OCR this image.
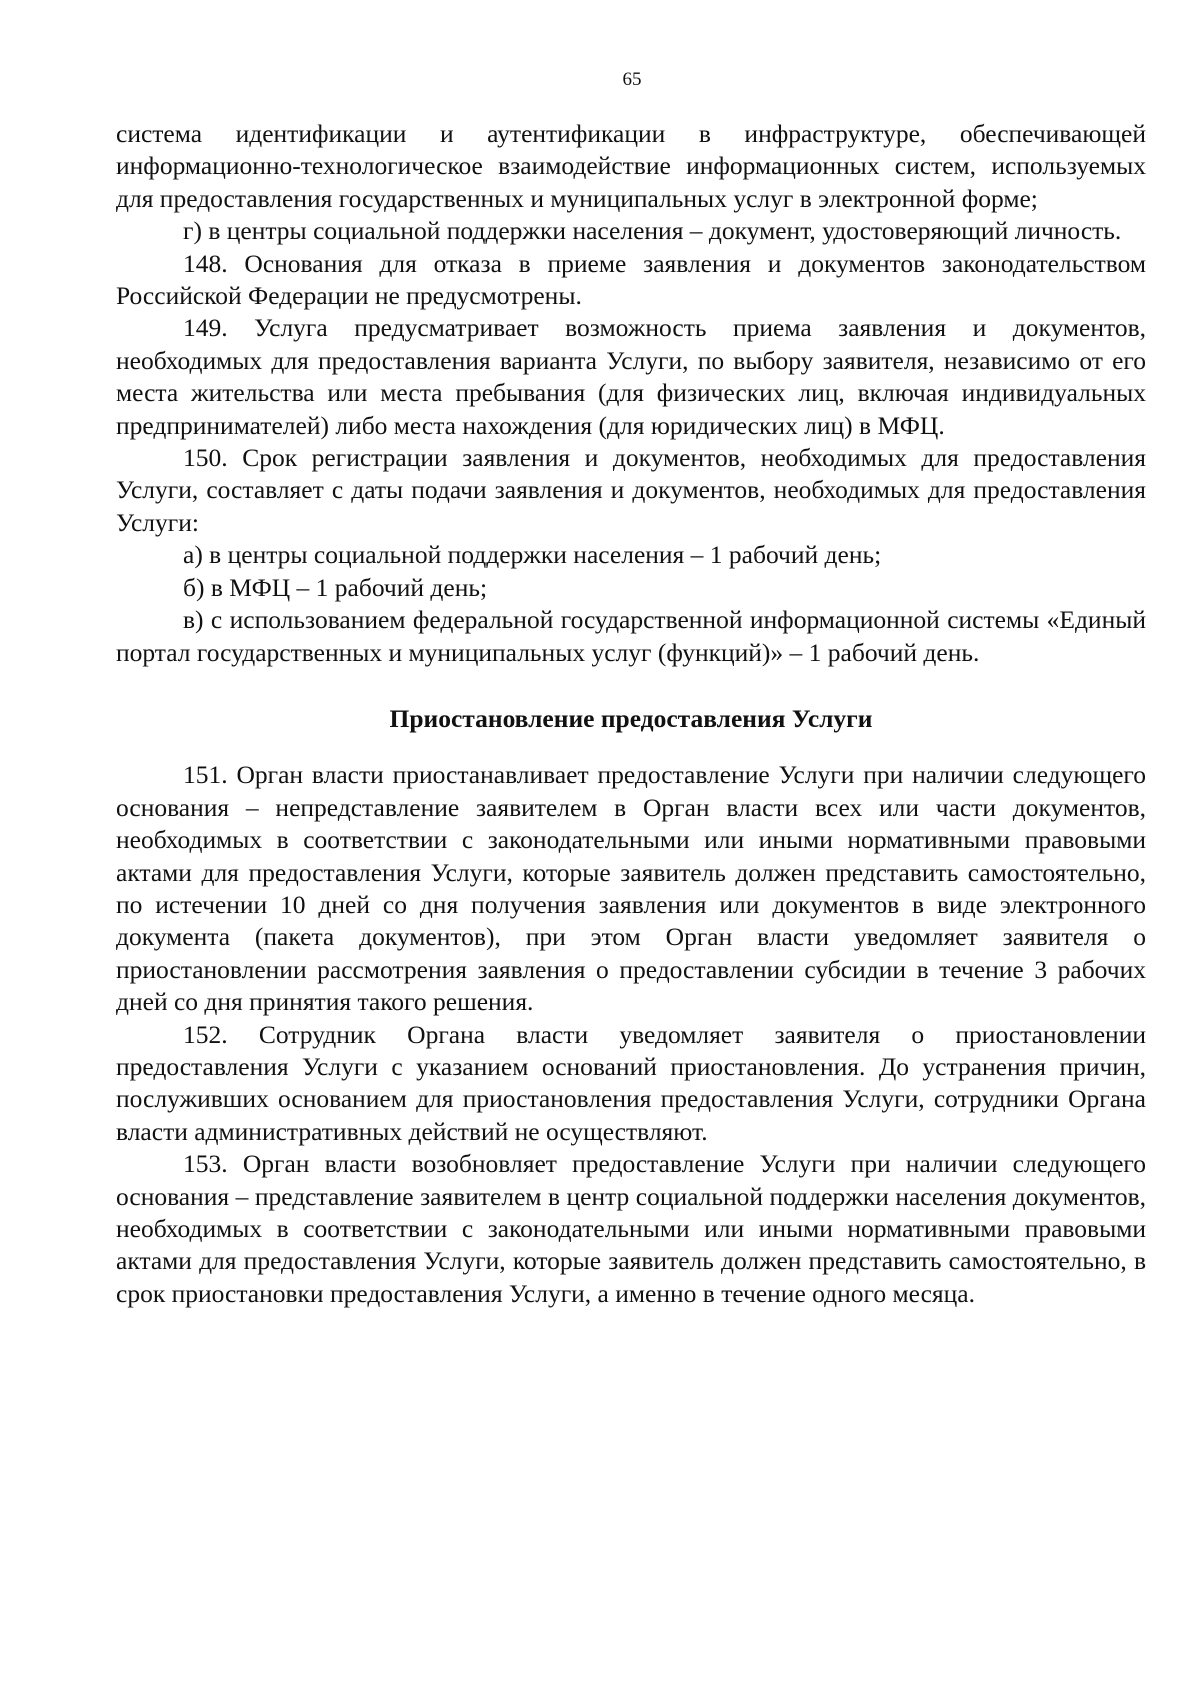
65

система идентификации и аутентификации в инфраструктуре, обеспечивающей информационно-технологическое взаимодействие информационных систем, используемых для предоставления государственных и муниципальных услуг в электронной форме;

г) в центры социальной поддержки населения – документ, удостоверяющий личность.

148. Основания для отказа в приеме заявления и документов законодательством Российской Федерации не предусмотрены.

149. Услуга предусматривает возможность приема заявления и документов, необходимых для предоставления варианта Услуги, по выбору заявителя, независимо от его места жительства или места пребывания (для физических лиц, включая индивидуальных предпринимателей) либо места нахождения (для юридических лиц) в МФЦ.

150. Срок регистрации заявления и документов, необходимых для предоставления Услуги, составляет с даты подачи заявления и документов, необходимых для предоставления Услуги:

а) в центры социальной поддержки населения – 1 рабочий день;

б) в МФЦ – 1 рабочий день;

в) с использованием федеральной государственной информационной системы «Единый портал государственных и муниципальных услуг (функций)» – 1 рабочий день.

Приостановление предоставления Услуги

151. Орган власти приостанавливает предоставление Услуги при наличии следующего основания – непредставление заявителем в Орган власти всех или части документов, необходимых в соответствии с законодательными или иными нормативными правовыми актами для предоставления Услуги, которые заявитель должен представить самостоятельно, по истечении 10 дней со дня получения заявления или документов в виде электронного документа (пакета документов), при этом Орган власти уведомляет заявителя о приостановлении рассмотрения заявления о предоставлении субсидии в течение 3 рабочих дней со дня принятия такого решения.

152. Сотрудник Органа власти уведомляет заявителя о приостановлении предоставления Услуги с указанием оснований приостановления. До устранения причин, послуживших основанием для приостановления предоставления Услуги, сотрудники Органа власти административных действий не осуществляют.

153. Орган власти возобновляет предоставление Услуги при наличии следующего основания – представление заявителем в центр социальной поддержки населения документов, необходимых в соответствии с законодательными или иными нормативными правовыми актами для предоставления Услуги, которые заявитель должен представить самостоятельно, в срок приостановки предоставления Услуги, а именно в течение одного месяца.
